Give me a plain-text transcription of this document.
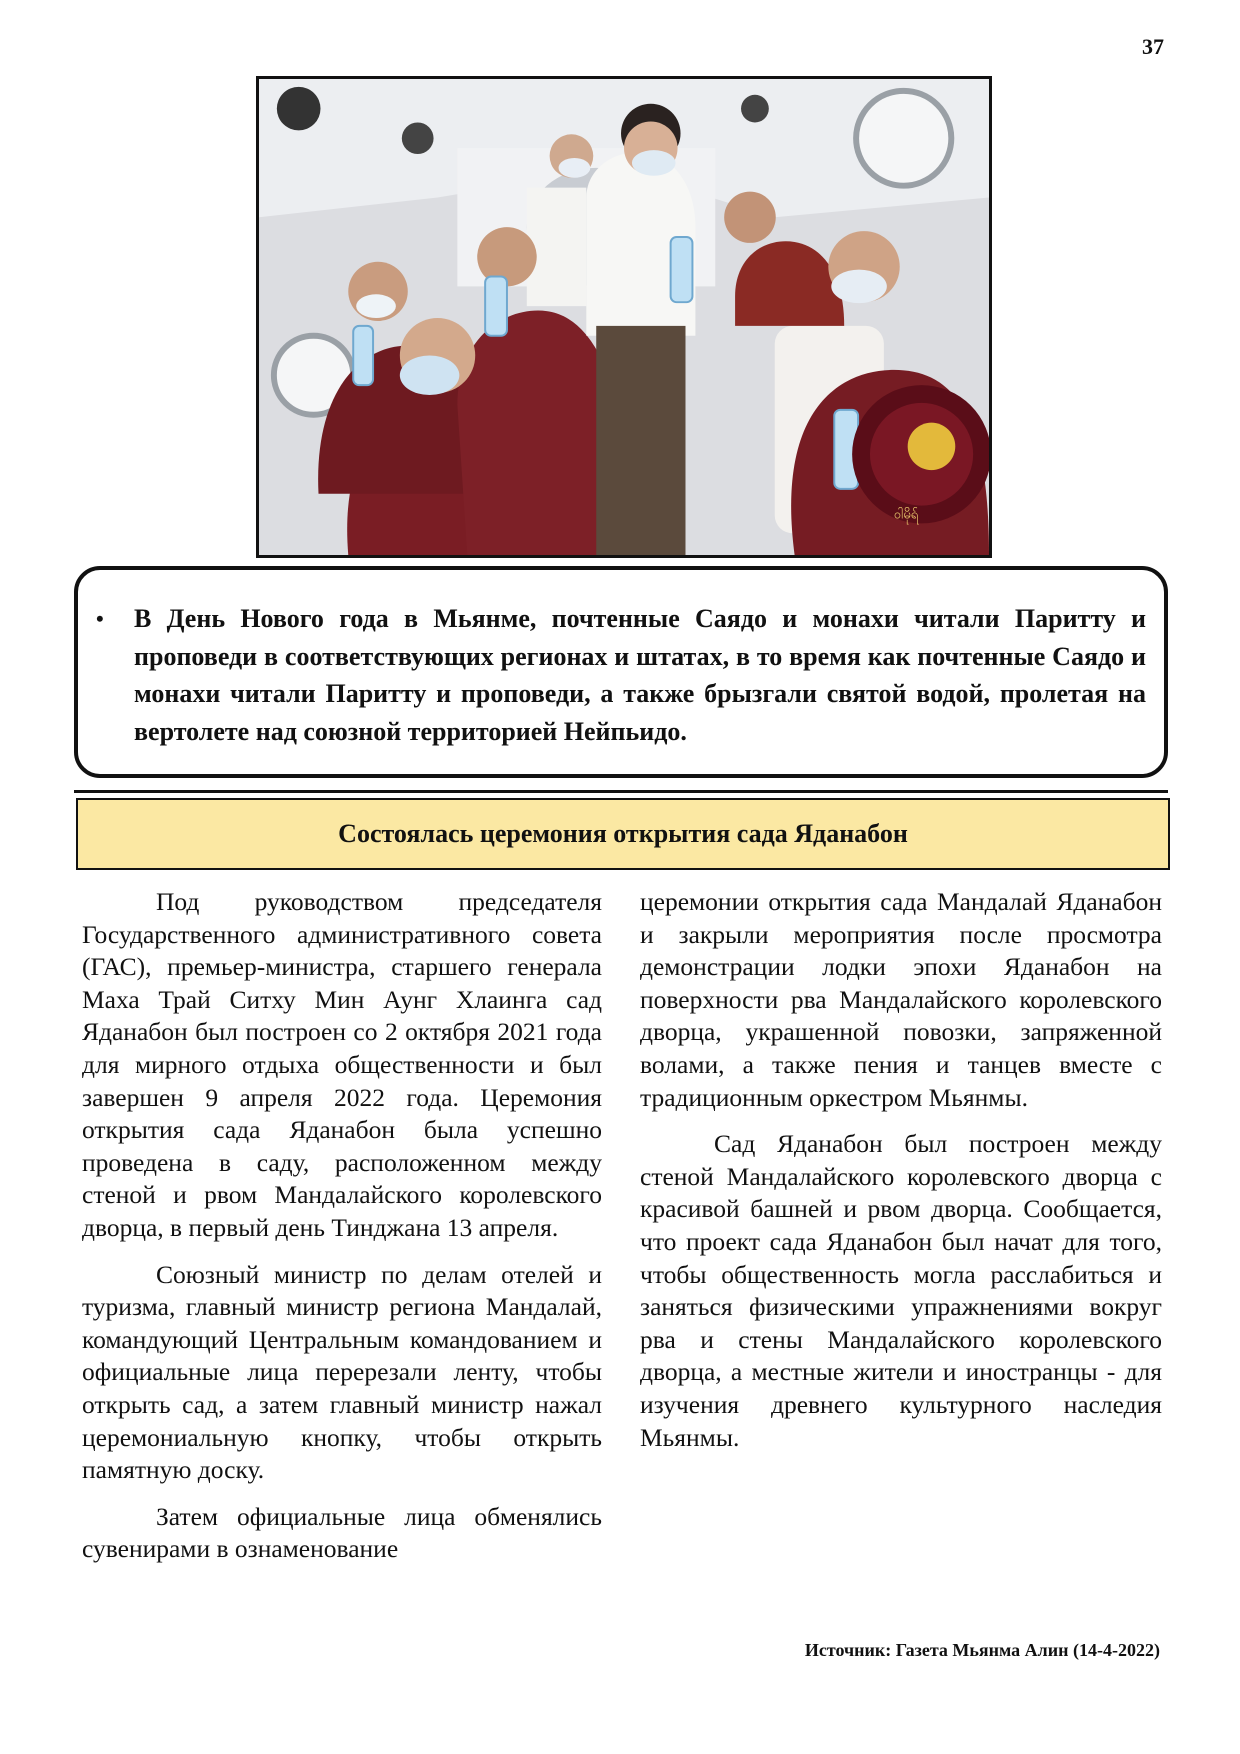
37
ဝါမိုရ်
• В День Нового года в Мьянме, почтенные Саядо и монахи читали Паритту и проповеди в соответствующих регионах и штатах, в то время как почтенные Саядо и монахи читали Паритту и проповеди, а также брызгали святой водой, пролетая на вертолете над союзной территорией Нейпьидо.

Состоялась церемония открытия сада Яданабон

Под руководством председателя Государственного административного совета (ГАС), премьер-министра, старшего генерала Маха Трай Ситху Мин Аунг Хлаинга сад Яданабон был построен со 2 октября 2021 года для мирного отдыха общественности и был завершен 9 апреля 2022 года. Церемония открытия сада Яданабон была успешно проведена в саду, расположенном между стеной и рвом Мандалайского королевского дворца, в первый день Тинджана 13 апреля.

Союзный министр по делам отелей и туризма, главный министр региона Мандалай, командующий Центральным командованием и официальные лица перерезали ленту, чтобы открыть сад, а затем главный министр нажал церемониальную кнопку, чтобы открыть памятную доску.

Затем официальные лица обменялись сувенирами в ознаменование

церемонии открытия сада Мандалай Яданабон и закрыли мероприятия после просмотра демонстрации лодки эпохи Яданабон на поверхности рва Мандалайского королевского дворца, украшенной повозки, запряженной волами, а также пения и танцев вместе с традиционным оркестром Мьянмы.

Сад Яданабон был построен между стеной Мандалайского королевского дворца с красивой башней и рвом дворца. Сообщается, что проект сада Яданабон был начат для того, чтобы общественность могла расслабиться и заняться физическими упражнениями вокруг рва и стены Мандалайского королевского дворца, а местные жители и иностранцы - для изучения древнего культурного наследия Мьянмы.

Источник: Газета Мьянма Алин (14-4-2022)
